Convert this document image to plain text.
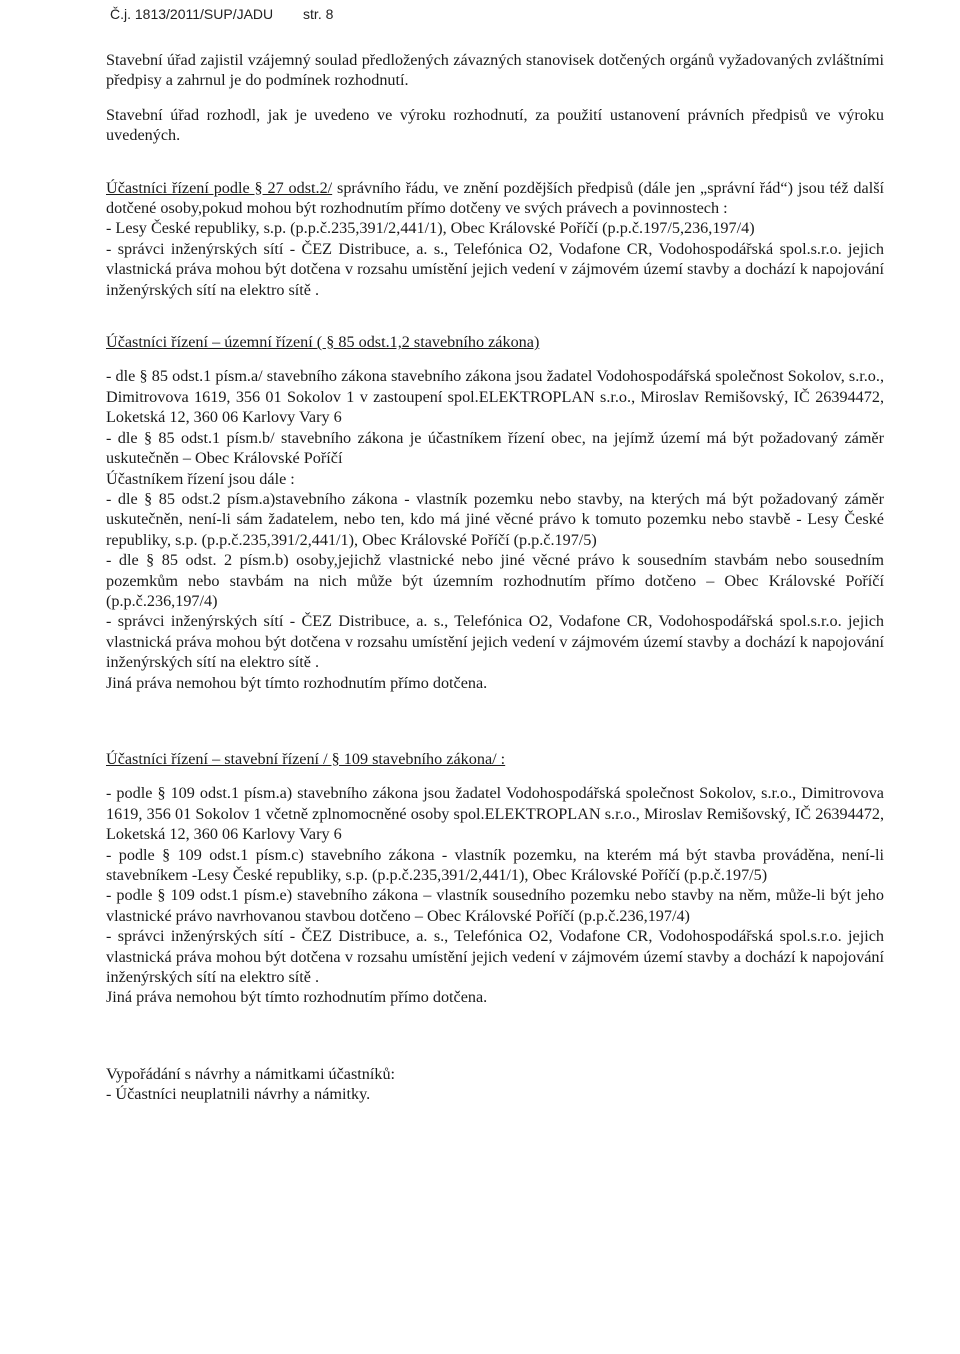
Č.j. 1813/2011/SUP/JADU str. 8

Stavební úřad zajistil vzájemný soulad předložených závazných stanovisek dotčených orgánů vyžadovaných zvláštními předpisy a zahrnul je do podmínek rozhodnutí.

Stavební úřad rozhodl, jak je uvedeno ve výroku rozhodnutí, za použití ustanovení právních předpisů ve výroku uvedených.

Účastníci řízení podle § 27 odst.2/ správního řádu, ve znění pozdějších předpisů (dále jen „správní řád“) jsou též další dotčené osoby,pokud mohou být rozhodnutím přímo dotčeny ve svých právech a povinnostech :

- Lesy České republiky, s.p. (p.p.č.235,391/2,441/1), Obec Královské Poříčí (p.p.č.197/5,236,197/4)

- správci inženýrských sítí - ČEZ Distribuce, a. s., Telefónica O2, Vodafone CR, Vodohospodářská spol.s.r.o. jejich vlastnická práva mohou být dotčena v rozsahu umístění jejich vedení v zájmovém území stavby a dochází k napojování inženýrských sítí na elektro sítě .

Účastníci řízení – územní řízení ( § 85 odst.1,2 stavebního zákona)

- dle § 85 odst.1 písm.a/ stavebního zákona stavebního zákona jsou žadatel Vodohospodářská společnost Sokolov, s.r.o., Dimitrovova 1619, 356 01 Sokolov 1 v zastoupení spol.ELEKTROPLAN s.r.o., Miroslav Remišovský, IČ 26394472, Loketská 12, 360 06 Karlovy Vary 6

- dle § 85 odst.1 písm.b/ stavebního zákona je účastníkem řízení obec, na jejímž území má být požadovaný záměr uskutečněn – Obec Královské Poříčí

Účastníkem řízení jsou dále :

- dle § 85 odst.2 písm.a)stavebního zákona - vlastník pozemku nebo stavby, na kterých má být požadovaný záměr uskutečněn, není-li sám žadatelem, nebo ten, kdo má jiné věcné právo k tomuto pozemku nebo stavbě - Lesy České republiky, s.p. (p.p.č.235,391/2,441/1), Obec Královské Poříčí (p.p.č.197/5)

- dle § 85 odst. 2 písm.b) osoby,jejichž vlastnické nebo jiné věcné právo k sousedním stavbám nebo sousedním pozemkům nebo stavbám na nich může být územním rozhodnutím přímo dotčeno – Obec Královské Poříčí (p.p.č.236,197/4)

- správci inženýrských sítí - ČEZ Distribuce, a. s., Telefónica O2, Vodafone CR, Vodohospodářská spol.s.r.o. jejich vlastnická práva mohou být dotčena v rozsahu umístění jejich vedení v zájmovém území stavby a dochází k napojování inženýrských sítí na elektro sítě .

Jiná práva nemohou být tímto rozhodnutím přímo dotčena.

Účastníci řízení – stavební řízení / § 109 stavebního zákona/ :

- podle § 109 odst.1 písm.a) stavebního zákona jsou žadatel Vodohospodářská společnost Sokolov, s.r.o., Dimitrovova 1619, 356 01 Sokolov 1 včetně zplnomocněné osoby spol.ELEKTROPLAN s.r.o., Miroslav Remišovský, IČ 26394472, Loketská 12, 360 06 Karlovy Vary 6

- podle § 109 odst.1 písm.c) stavebního zákona - vlastník pozemku, na kterém má být stavba prováděna, není-li stavebníkem -Lesy České republiky, s.p. (p.p.č.235,391/2,441/1), Obec Královské Poříčí (p.p.č.197/5)

- podle § 109 odst.1 písm.e) stavebního zákona – vlastník sousedního pozemku nebo stavby na něm, může-li být jeho vlastnické právo navrhovanou stavbou dotčeno – Obec Královské Poříčí (p.p.č.236,197/4)

- správci inženýrských sítí - ČEZ Distribuce, a. s., Telefónica O2, Vodafone CR, Vodohospodářská spol.s.r.o. jejich vlastnická práva mohou být dotčena v rozsahu umístění jejich vedení v zájmovém území stavby a dochází k napojování inženýrských sítí na elektro sítě .

Jiná práva nemohou být tímto rozhodnutím přímo dotčena.

Vypořádání s návrhy a námitkami účastníků:

- Účastníci neuplatnili návrhy a námitky.
